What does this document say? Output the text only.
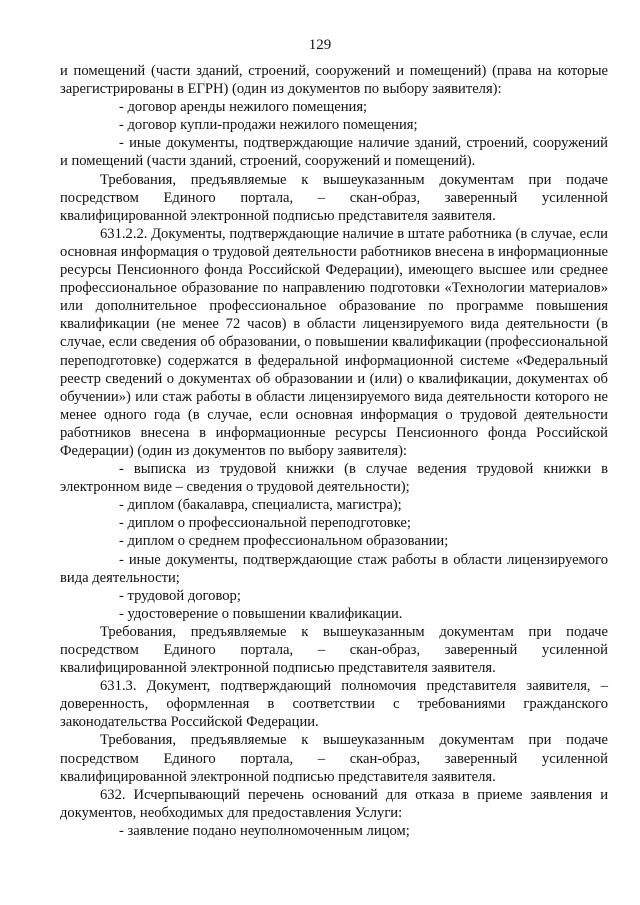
129

и помещений (части зданий, строений, сооружений и помещений) (права на которые зарегистрированы в ЕГРН) (один из документов по выбору заявителя):

- договор аренды нежилого помещения;

- договор купли-продажи нежилого помещения;

- иные документы, подтверждающие наличие зданий, строений, сооружений и помещений (части зданий, строений, сооружений и помещений).

Требования, предъявляемые к вышеуказанным документам при подаче посредством Единого портала, – скан-образ, заверенный усиленной квалифицированной электронной подписью представителя заявителя.

631.2.2. Документы, подтверждающие наличие в штате работника (в случае, если основная информация о трудовой деятельности работников внесена в информационные ресурсы Пенсионного фонда Российской Федерации), имеющего высшее или среднее профессиональное образование по направлению подготовки «Технологии материалов» или дополнительное профессиональное образование по программе повышения квалификации (не менее 72 часов) в области лицензируемого вида деятельности (в случае, если сведения об образовании, о повышении квалификации (профессиональной переподготовке) содержатся в федеральной информационной системе «Федеральный реестр сведений о документах об образовании и (или) о квалификации, документах об обучении») или стаж работы в области лицензируемого вида деятельности которого не менее одного года (в случае, если основная информация о трудовой деятельности работников внесена в информационные ресурсы Пенсионного фонда Российской Федерации) (один из документов по выбору заявителя):

- выписка из трудовой книжки (в случае ведения трудовой книжки в электронном виде – сведения о трудовой деятельности);

- диплом (бакалавра, специалиста, магистра);

- диплом о профессиональной переподготовке;

- диплом о среднем профессиональном образовании;

- иные документы, подтверждающие стаж работы в области лицензируемого вида деятельности;

- трудовой договор;

- удостоверение о повышении квалификации.

Требования, предъявляемые к вышеуказанным документам при подаче посредством Единого портала, – скан-образ, заверенный усиленной квалифицированной электронной подписью представителя заявителя.

631.3. Документ, подтверждающий полномочия представителя заявителя, – доверенность, оформленная в соответствии с требованиями гражданского законодательства Российской Федерации.

Требования, предъявляемые к вышеуказанным документам при подаче посредством Единого портала, – скан-образ, заверенный усиленной квалифицированной электронной подписью представителя заявителя.

632. Исчерпывающий перечень оснований для отказа в приеме заявления и документов, необходимых для предоставления Услуги:

- заявление подано неуполномоченным лицом;
